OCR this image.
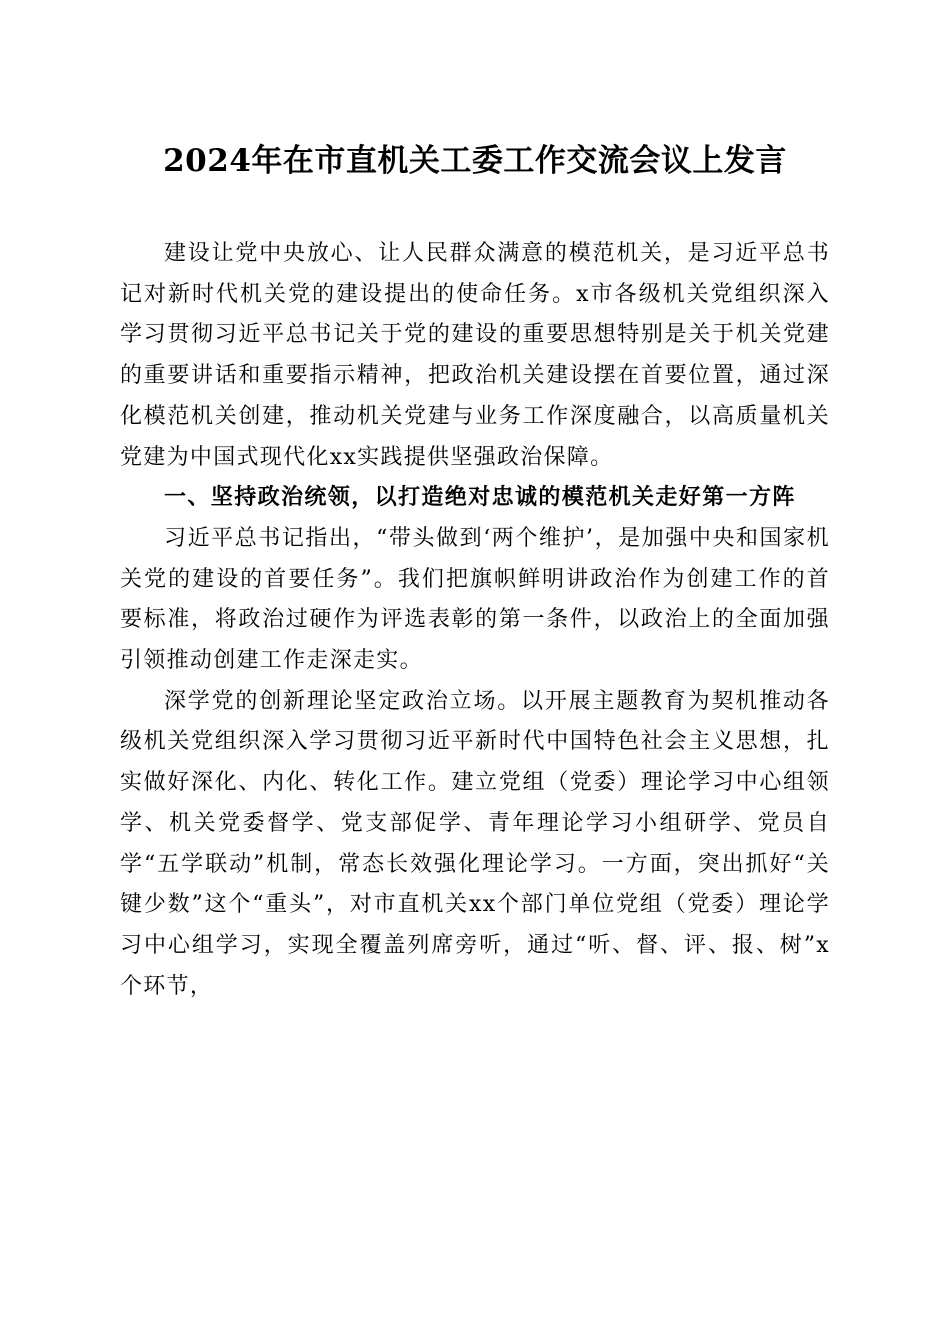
2024年在市直机关工委工作交流会议上发言

建设让党中央放心、让人民群众满意的模范机关，是习近平总书记对新时代机关党的建设提出的使命任务。x市各级机关党组织深入学习贯彻习近平总书记关于党的建设的重要思想特别是关于机关党建的重要讲话和重要指示精神，把政治机关建设摆在首要位置，通过深化模范机关创建，推动机关党建与业务工作深度融合，以高质量机关党建为中国式现代化xx实践提供坚强政治保障。

一、坚持政治统领，以打造绝对忠诚的模范机关走好第一方阵

习近平总书记指出，“带头做到‘两个维护’，是加强中央和国家机关党的建设的首要任务”。我们把旗帜鲜明讲政治作为创建工作的首要标准，将政治过硬作为评选表彰的第一条件，以政治上的全面加强引领推动创建工作走深走实。

深学党的创新理论坚定政治立场。以开展主题教育为契机推动各级机关党组织深入学习贯彻习近平新时代中国特色社会主义思想，扎实做好深化、内化、转化工作。建立党组（党委）理论学习中心组领学、机关党委督学、党支部促学、青年理论学习小组研学、党员自学“五学联动”机制，常态长效强化理论学习。一方面，突出抓好“关键少数”这个“重头”，对市直机关xx个部门单位党组（党委）理论学习中心组学习，实现全覆盖列席旁听，通过“听、督、评、报、树”x个环节，
